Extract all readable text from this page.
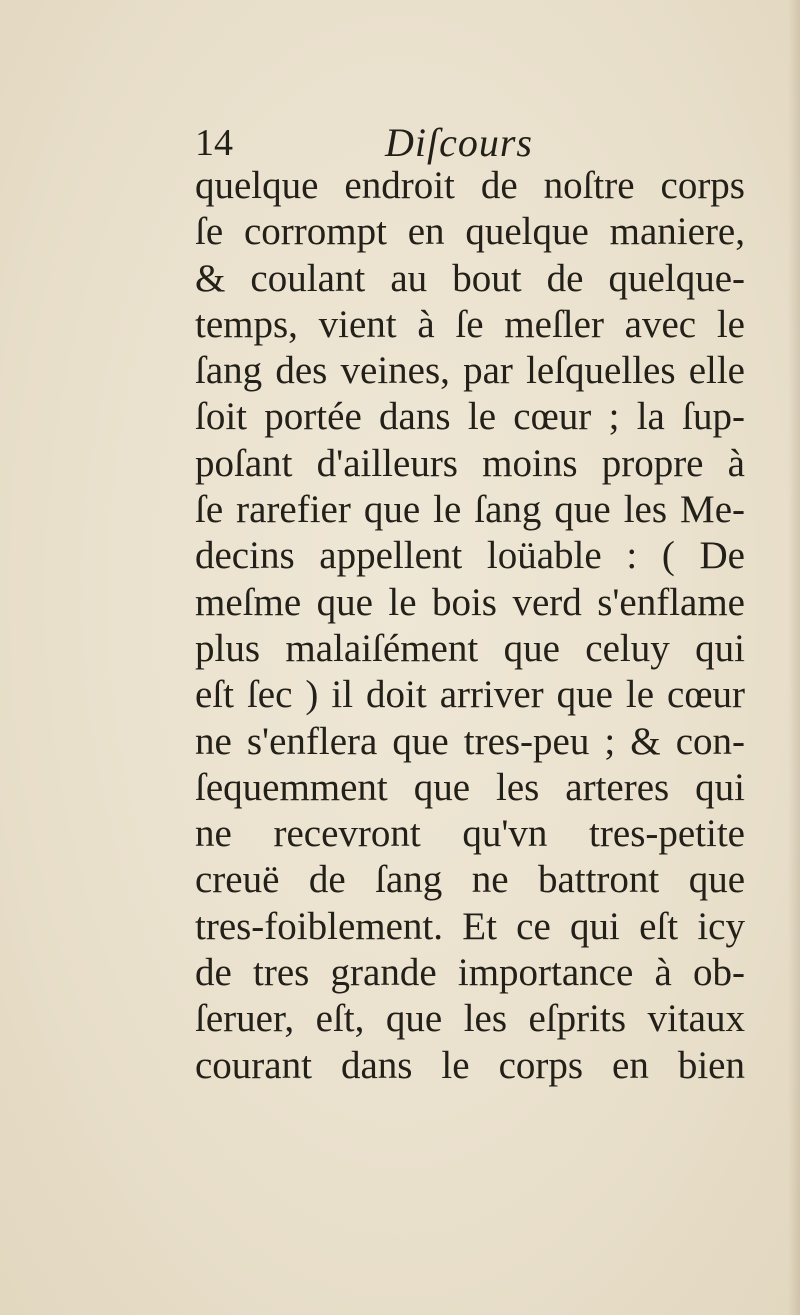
14	Diſcours
quelque endroit de noſtre corps
ſe corrompt en quelque maniere,
& coulant au bout de quelque-
temps, vient à ſe meſler avec le
ſang des veines, par leſquelles elle
ſoit portée dans le cœur ; la ſup-
poſant d'ailleurs moins propre à
ſe rarefier que le ſang que les Me-
decins appellent loüable : ( De
meſme que le bois verd s'enflame
plus malaiſément que celuy qui
eſt ſec ) il doit arriver que le cœur
ne s'enflera que tres-peu ; & con-
ſequemment que les arteres qui
ne recevront qu'vn tres-petite
creuë de ſang ne battront que
tres-foiblement. Et ce qui eſt icy
de tres grande importance à ob-
ſeruer, eſt, que les eſprits vitaux
courant dans le corps en bien
